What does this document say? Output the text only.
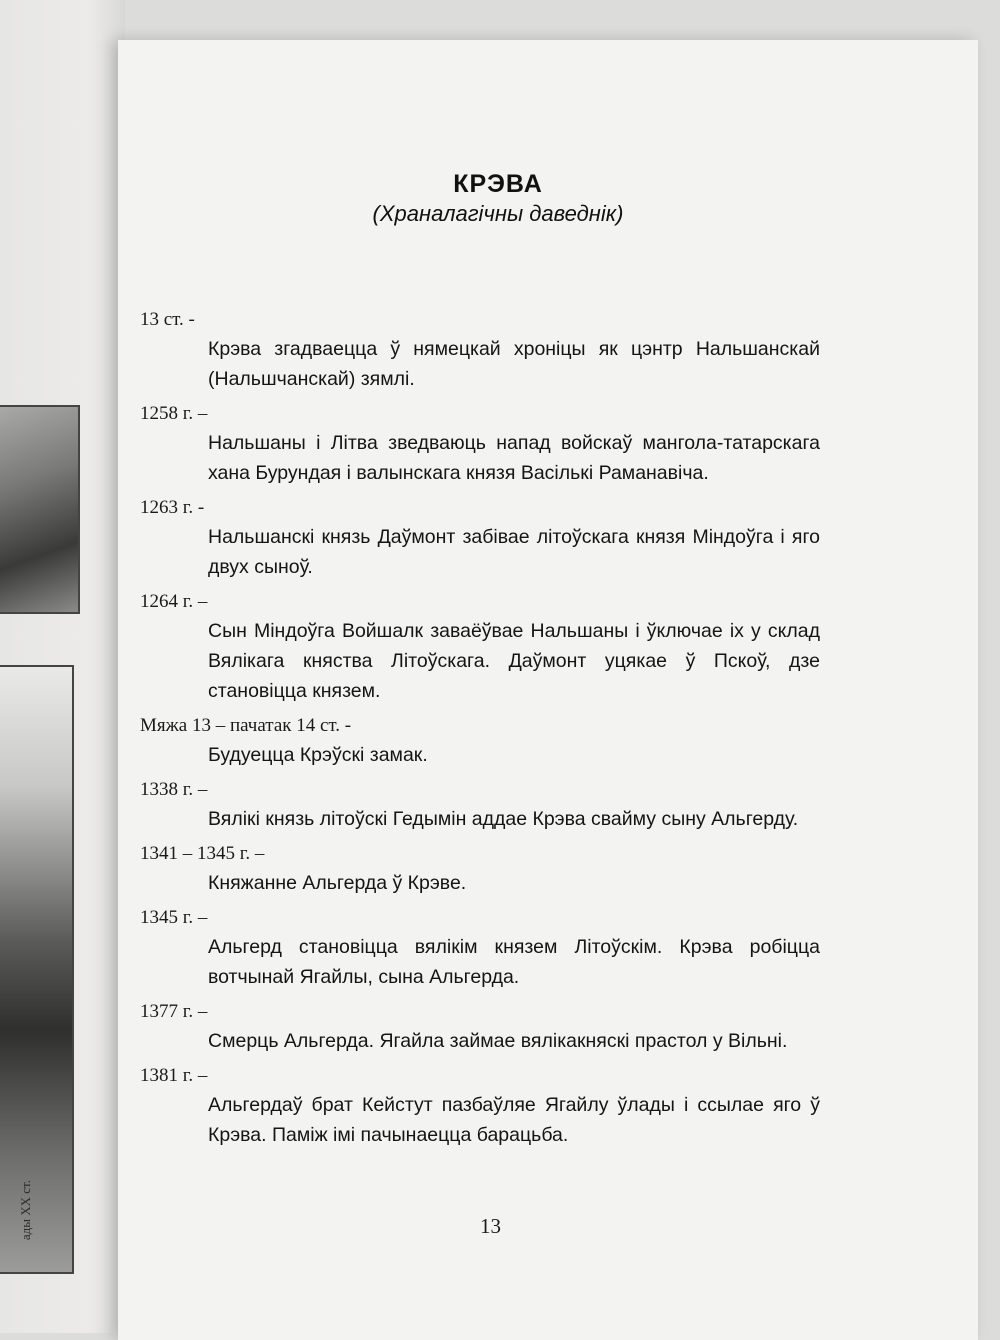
ады XX ст.
КРЭВА
(Храналагічны даведнік)
13 ст. -
Крэва згадваецца ў нямецкай хроніцы як цэнтр Нальшанскай (Нальшчанскай) зямлі.
1258 г. –
Нальшаны і Літва зведваюць напад войскаў мангола-татарскага хана Бурундая і валынскага князя Васількі Раманавіча.
1263 г. -
Нальшанскі князь Даўмонт забівае літоўскага князя Міндоўга і яго двух сыноў.
1264 г. –
Сын Міндоўга Войшалк заваёўвае Нальшаны і ўключае іх у склад Вялікага княства Літоўскага. Даўмонт уцякае ў Пскоў, дзе становіцца князем.
Мяжа 13 – пачатак 14 ст. -
Будуецца Крэўскі замак.
1338 г. –
Вялікі князь літоўскі Гедымін аддае Крэва свайму сыну Альгерду.
1341 – 1345 г. –
Княжанне Альгерда ў Крэве.
1345 г. –
Альгерд становіцца вялікім князем Літоўскім. Крэва робіцца вотчынай Ягайлы, сына Альгерда.
1377 г. –
Смерць Альгерда. Ягайла займае вялікакняскі прастол у Вільні.
1381 г. –
Альгердаў брат Кейстут пазбаўляе Ягайлу ўлады і ссылае яго ў Крэва. Паміж імі пачынаецца барацьба.
13
